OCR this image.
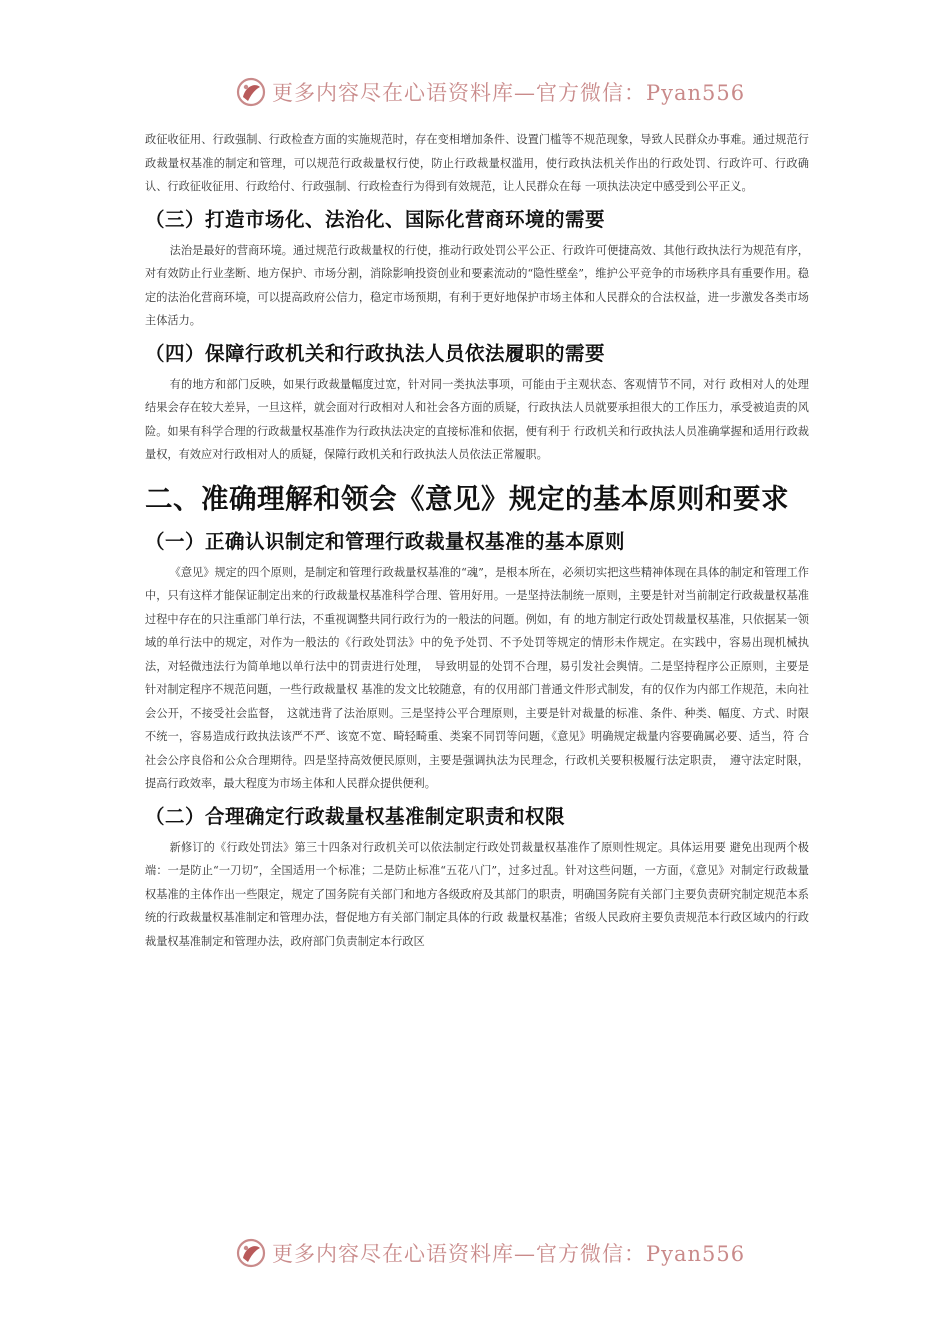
更多内容尽在心语资料库—官方微信：Pyan556

政征收征用、行政强制、行政检查方面的实施规范时，存在变相增加条件、设置门槛等不规范现象，导致人民群众办事难。通过规范行政裁量权基准的制定和管理，可以规范行政裁量权行使，防止行政裁量权滥用，使行政执法机关作出的行政处罚、行政许可、行政确认、行政征收征用、行政给付、行政强制、行政检查行为得到有效规范，让人民群众在每 一项执法决定中感受到公平正义。

（三）打造市场化、法治化、国际化营商环境的需要

法治是最好的营商环境。通过规范行政裁量权的行使，推动行政处罚公平公正、行政许可便捷高效、其他行政执法行为规范有序，对有效防止行业垄断、地方保护、市场分割，消除影响投资创业和要素流动的“隐性壁垒”，维护公平竞争的市场秩序具有重要作用。稳定的法治化营商环境，可以提高政府公信力，稳定市场预期，有利于更好地保护市场主体和人民群众的合法权益，进一步激发各类市场主体活力。

（四）保障行政机关和行政执法人员依法履职的需要

有的地方和部门反映，如果行政裁量幅度过宽，针对同一类执法事项，可能由于主观状态、客观情节不同，对行 政相对人的处理结果会存在较大差异，一旦这样，就会面对行政相对人和社会各方面的质疑，行政执法人员就要承担很大的工作压力，承受被追责的风险。如果有科学合理的行政裁量权基准作为行政执法决定的直接标准和依据，便有利于 行政机关和行政执法人员准确掌握和适用行政裁量权，有效应对行政相对人的质疑，保障行政机关和行政执法人员依法正常履职。

二、准确理解和领会《意见》规定的基本原则和要求
（一）正确认识制定和管理行政裁量权基准的基本原则

《意见》规定的四个原则，是制定和管理行政裁量权基准的“魂”，是根本所在，必须切实把这些精神体现在具体的制定和管理工作中，只有这样才能保证制定出来的行政裁量权基准科学合理、管用好用。一是坚持法制统一原则，主要是针对当前制定行政裁量权基准过程中存在的只注重部门单行法，不重视调整共同行政行为的一般法的问题。例如，有 的地方制定行政处罚裁量权基准，只依据某一领域的单行法中的规定，对作为一般法的《行政处罚法》中的免予处罚、不予处罚等规定的情形未作规定。在实践中，容易出现机械执法，对轻微违法行为简单地以单行法中的罚责进行处理，　导致明显的处罚不合理，易引发社会舆情。二是坚持程序公正原则，主要是针对制定程序不规范问题，一些行政裁量权 基准的发文比较随意，有的仅用部门普通文件形式制发，有的仅作为内部工作规范，未向社会公开，不接受社会监督，　这就违背了法治原则。三是坚持公平合理原则，主要是针对裁量的标准、条件、种类、幅度、方式、时限不统一，容易造成行政执法该严不严、该宽不宽、畸轻畸重、类案不同罚等问题，《意见》明确规定裁量内容要确属必要、适当，符 合社会公序良俗和公众合理期待。四是坚持高效便民原则，主要是强调执法为民理念，行政机关要积极履行法定职责，　遵守法定时限，提高行政效率，最大程度为市场主体和人民群众提供便利。

（二）合理确定行政裁量权基准制定职责和权限

新修订的《行政处罚法》第三十四条对行政机关可以依法制定行政处罚裁量权基准作了原则性规定。具体运用要 避免出现两个极端：一是防止“一刀切”，全国适用一个标准；二是防止标准“五花八门”，过多过乱。针对这些问题，一方面，《意见》对制定行政裁量权基准的主体作出一些限定，规定了国务院有关部门和地方各级政府及其部门的职责，明确国务院有关部门主要负责研究制定规范本系统的行政裁量权基准制定和管理办法，督促地方有关部门制定具体的行政 裁量权基准；省级人民政府主要负责规范本行政区域内的行政裁量权基准制定和管理办法，政府部门负责制定本行政区

更多内容尽在心语资料库—官方微信：Pyan556
